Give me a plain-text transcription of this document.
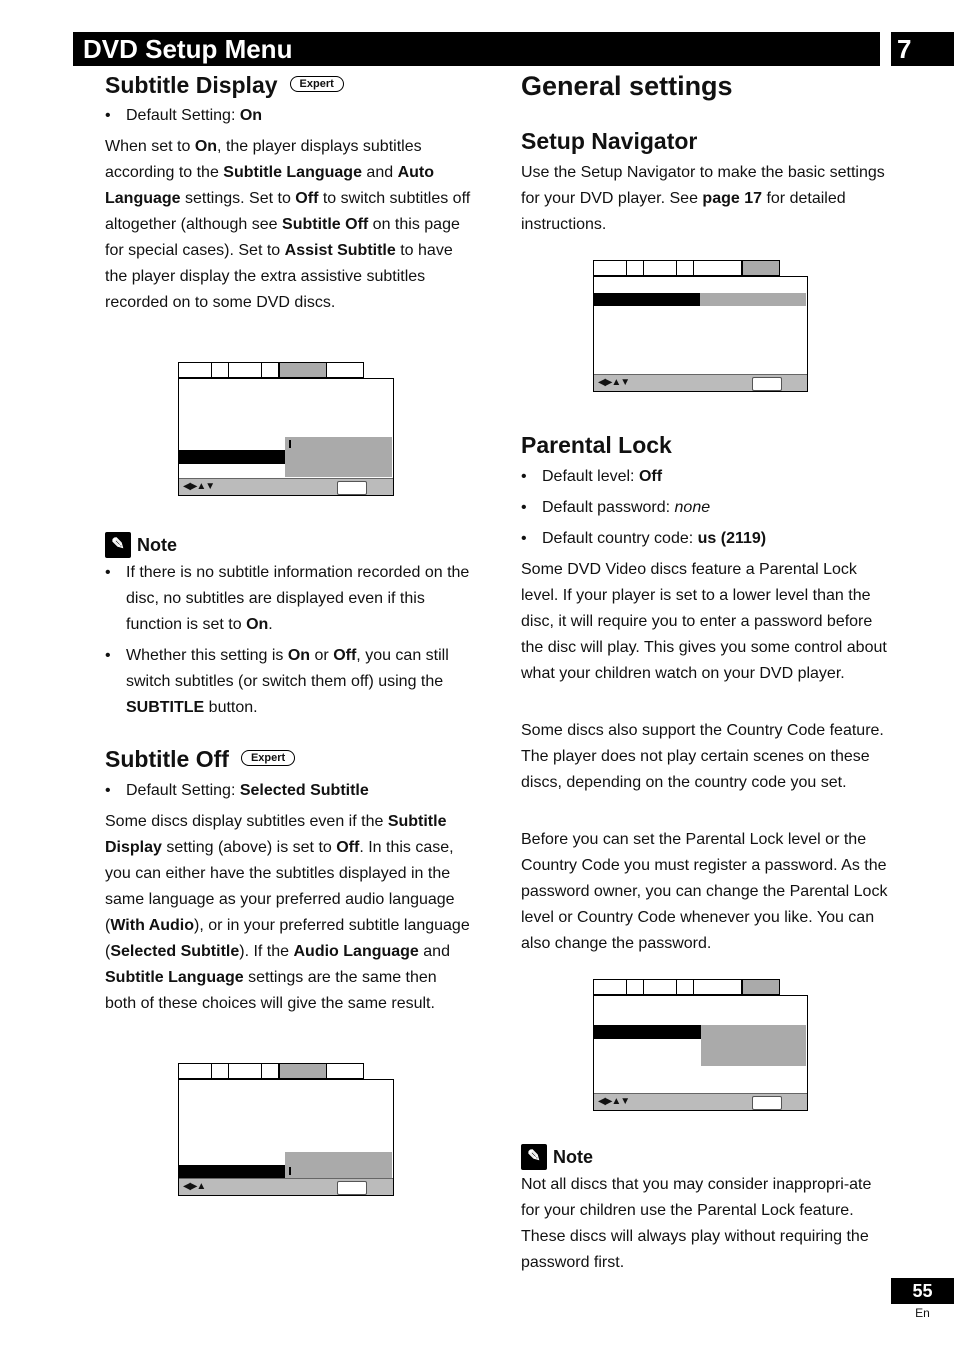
DVD Setup Menu	7
Subtitle Display Expert
• Default Setting: On

When set to On, the player displays subtitles according to the Subtitle Language and Auto Language settings. Set to Off to switch subtitles off altogether (although see Subtitle Off on this page for special cases). Set to Assist Subtitle to have the player display the extra assistive subtitles recorded on to some DVD discs.

◀▶▲▼
✎ Note
• If there is no subtitle information recorded on the disc, no subtitles are displayed even if this function is set to On.
• Whether this setting is On or Off, you can still switch subtitles (or switch them off) using the SUBTITLE button.
Subtitle Off Expert
• Default Setting: Selected Subtitle

Some discs display subtitles even if the Subtitle Display setting (above) is set to Off. In this case, you can either have the subtitles displayed in the same language as your preferred audio language (With Audio), or in your preferred subtitle language (Selected Subtitle). If the Audio Language and Subtitle Language settings are the same then both of these choices will give the same result.

◀▶▲
General settings
Setup Navigator

Use the Setup Navigator to make the basic settings for your DVD player. See page 17 for detailed instructions.

◀▶▲▼
Parental Lock
• Default level: Off
• Default password: none
• Default country code: us (2119)

Some DVD Video discs feature a Parental Lock level. If your player is set to a lower level than the disc, it will require you to enter a password before the disc will play. This gives you some control about what your children watch on your DVD player.

Some discs also support the Country Code feature. The player does not play certain scenes on these discs, depending on the country code you set.

Before you can set the Parental Lock level or the Country Code you must register a password. As the password owner, you can change the Parental Lock level or Country Code whenever you like. You can also change the password.

◀▶▲▼
✎ Note

Not all discs that you may consider inappropri-ate for your children use the Parental Lock feature. These discs will always play without requiring the password first.

55
En
